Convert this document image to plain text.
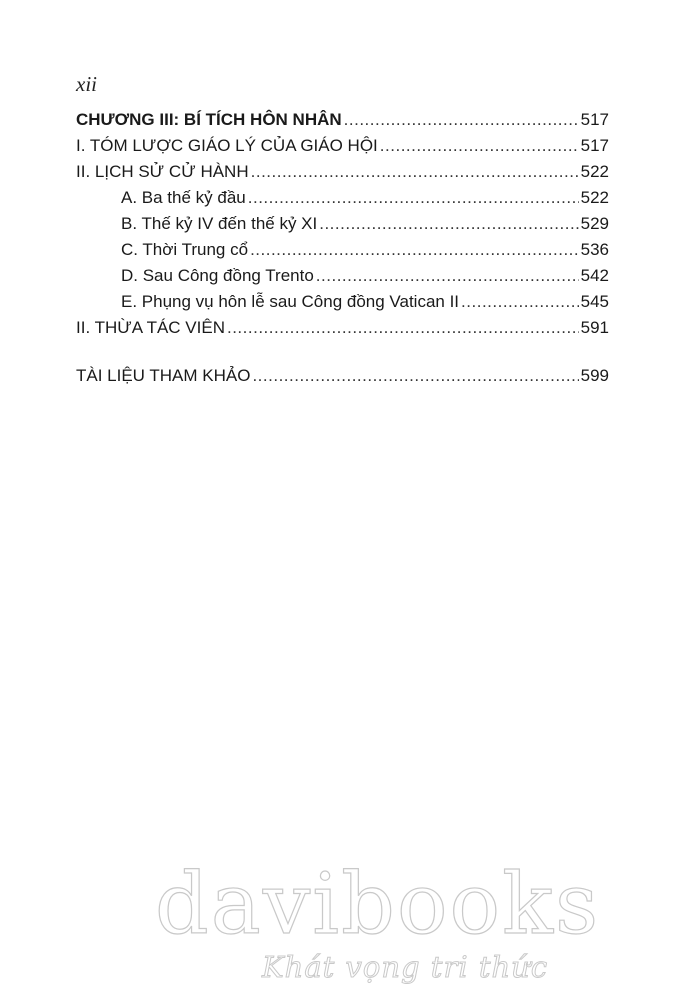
xii
CHƯƠNG III: BÍ TÍCH HÔN NHÂN .....	517
I. TÓM LƯỢC GIÁO LÝ CỦA GIÁO HỘI .....	517
II. LỊCH SỬ CỬ HÀNH .....	522
A. Ba thế kỷ đầu .....	522
B. Thế kỷ IV đến thế kỷ XI .....	529
C. Thời Trung cổ .....	536
D. Sau Công đồng Trento .....	542
E. Phụng vụ hôn lễ sau Công đồng Vatican II .....	545
II. THỪA TÁC VIÊN .....	591
TÀI LIỆU THAM KHẢO .....	599
davibooks
Khát vọng tri thức
